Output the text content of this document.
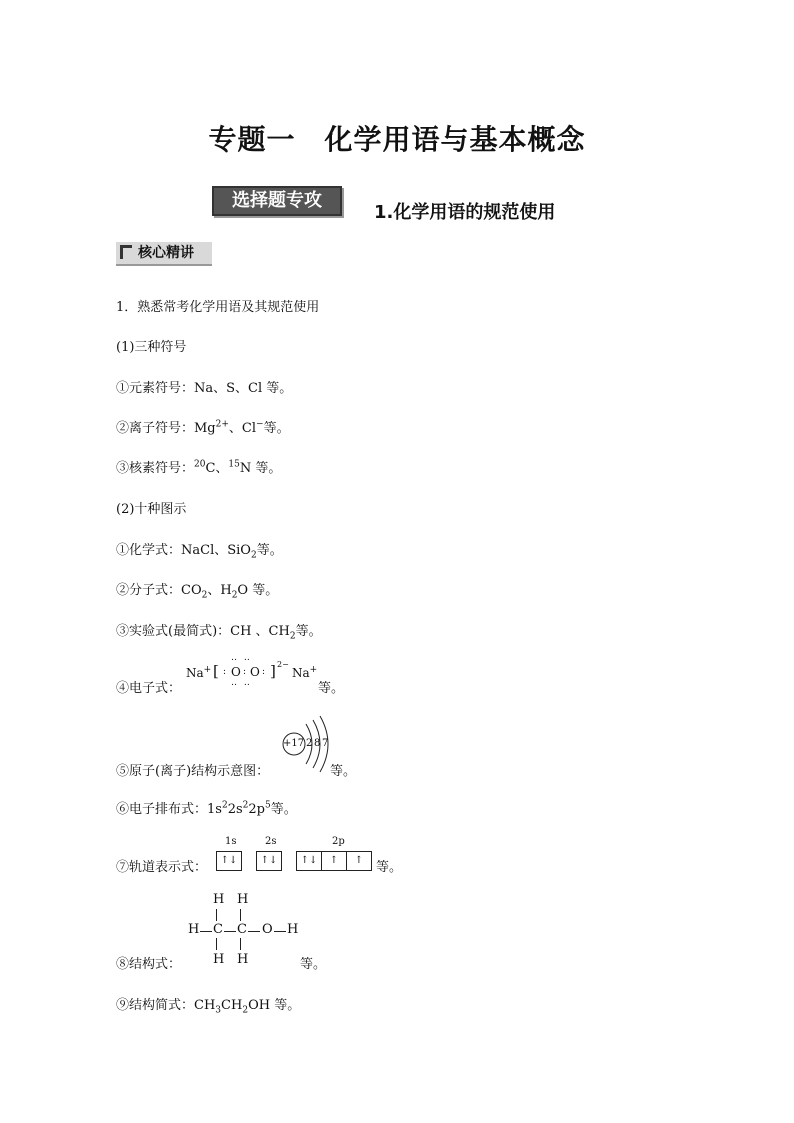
专题一　化学用语与基本概念
选择题专攻
1.化学用语的规范使用
核心精讲
1．熟悉常考化学用语及其规范使用
(1)三种符号
①元素符号：Na、S、Cl 等。
②离子符号：$Mg^{2+}$、Cl−等。
③核素符号：$^{20}$C、$^{15}$N 等。
(2)十种图示
①化学式：NaCl、SiO$_2$等。
②分子式：$CO_2$、$H_2O$ 等。
③实验式(最简式)：CH 、$CH_2$等。
④电子式：
Na+ [ : O : O :
‥ ‥
‥ ‥
] 2−
Na+
等。
⑤原子(离子)结构示意图：
+17 2 8 7
等。
⑥电子排布式：$1s^22s^22p^5$等。
⑦轨道表示式：
1s	2s	2p
↑↓	↑↓	↑↓ ↑ ↑ 等。
H H
H C C O H
H H
⑧结构式：	等。
⑨结构简式：$CH_3CH_2OH$ 等。
